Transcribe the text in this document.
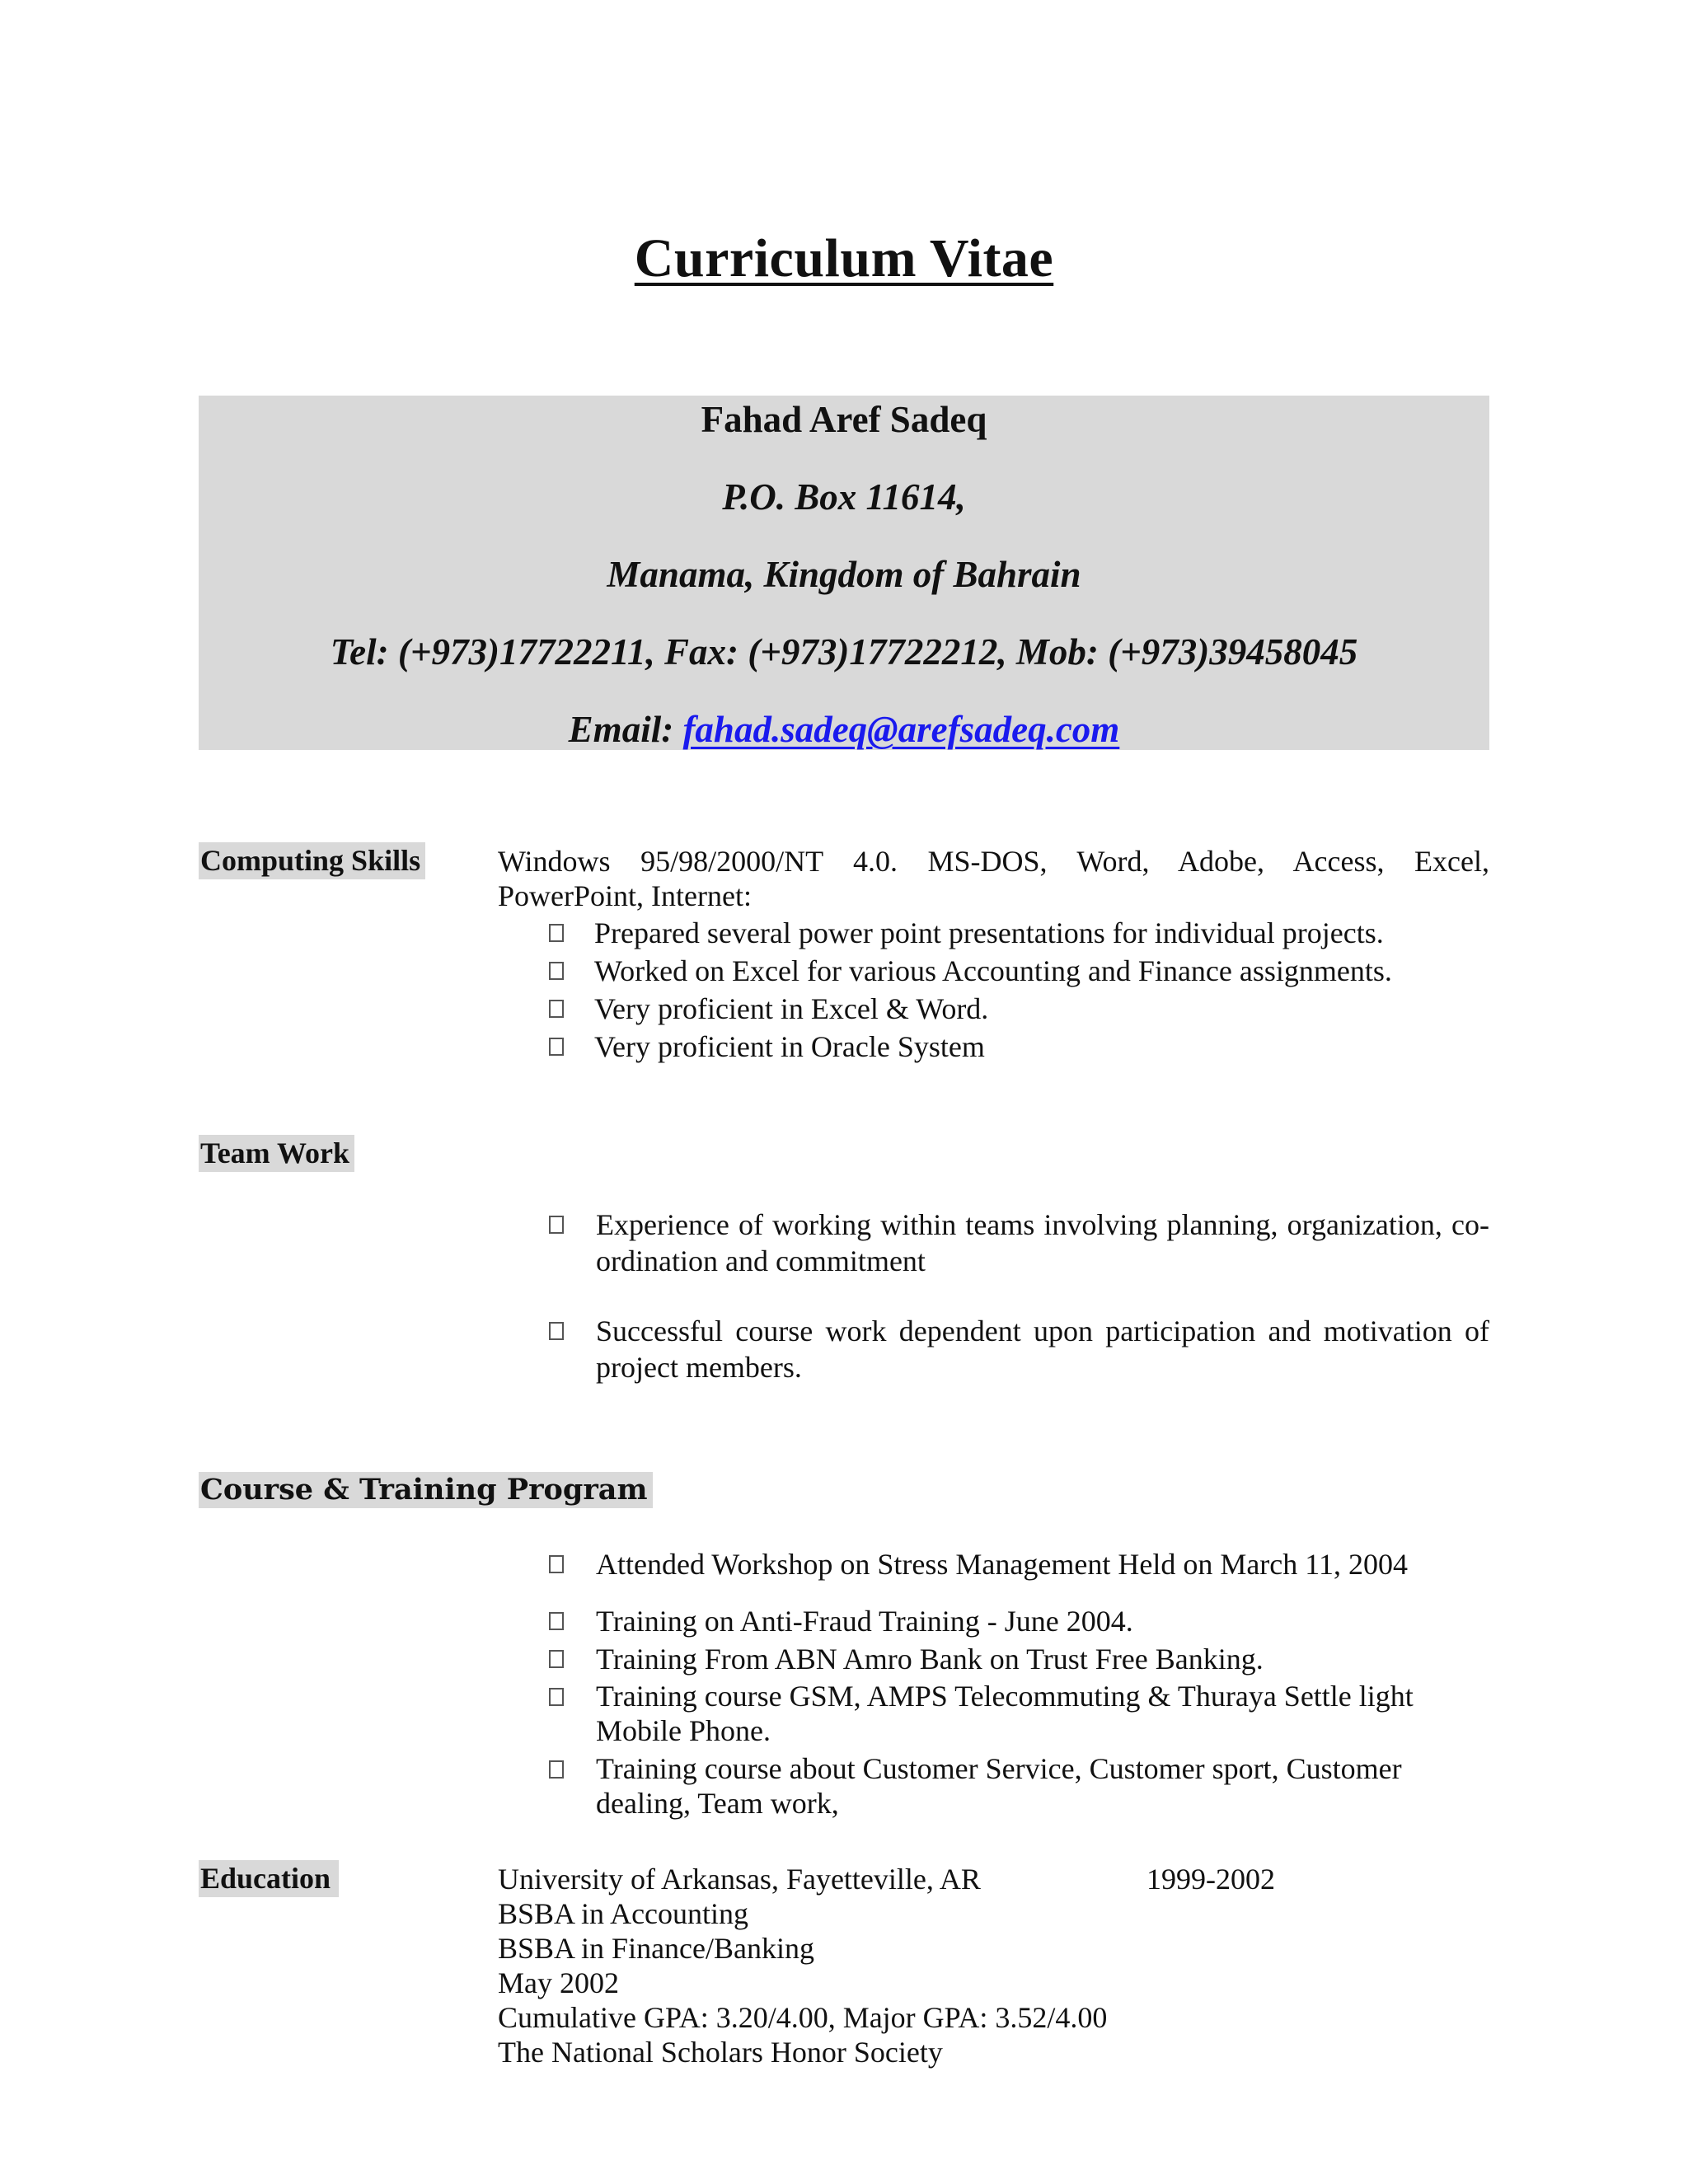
Curriculum Vitae
Fahad Aref Sadeq
P.O. Box 11614,
Manama, Kingdom of Bahrain
Tel: (+973)17722211, Fax: (+973)17722212, Mob: (+973)39458045
Email: fahad.sadeq@arefsadeq.com
Computing Skills	Windows 95/98/2000/NT 4.0. MS-DOS, Word, Adobe, Access, Excel,
PowerPoint, Internet:
Prepared several power point presentations for individual projects.
Worked on Excel for various Accounting and Finance assignments.
Very proficient in Excel & Word.
Very proficient in Oracle System
Team Work
Experience of working within teams involving planning, organization, co-ordination and commitment
Successful course work dependent upon participation and motivation of project members.
Course & Training Program
Attended Workshop on Stress Management Held on March 11, 2004
Training on Anti-Fraud Training - June 2004.
Training From ABN Amro Bank on Trust Free Banking.
Training course GSM, AMPS Telecommuting & Thuraya Settle light Mobile Phone.
Training course about Customer Service, Customer sport, Customer dealing, Team work,
Education	University of Arkansas, Fayetteville, AR	1999-2002
BSBA in Accounting
BSBA in Finance/Banking
May 2002
Cumulative GPA: 3.20/4.00, Major GPA: 3.52/4.00
The National Scholars Honor Society
